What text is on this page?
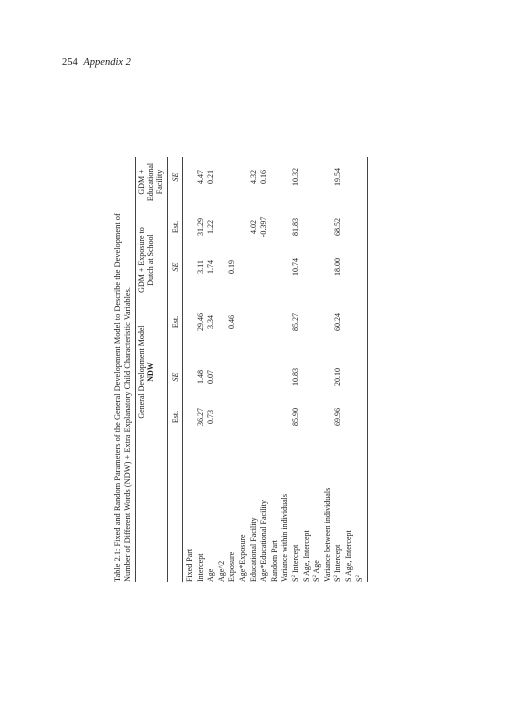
254 Appendix 2
Table 2.1: Fixed and Random Parameters of the General Development Model to Describe the Development of Number of Different Words (NDW) + Extra Explanatory Child Characteristic Variables. General Development Model NDW
GDM + Exposure to Dutch at School
GDM + Educational Facility
Est.
SE
Est.
SE
Est.
SE
Fixed Part Intercept
36.27
1.48
29.46
3.11
31.29
4.47
Age
0.73
0.07
3.34
1.74
1.22
0.21
Age^2 Exposure
0.46
0.19
Age*Exposure Educational Facility
4.02
4.32
Age*Educational Facility
-0.397
0.16
Random Part Variance within individuals $S^2$ Intercept
85.90
10.83
85.27
10.74
81.83
10.32
S Age, Intercept $S^2$ Age Variance between individuals $S^2$ Intercept
69.96
20.10
60.24
18.00
68.52
19.54
S Age, Intercept $S^2$
